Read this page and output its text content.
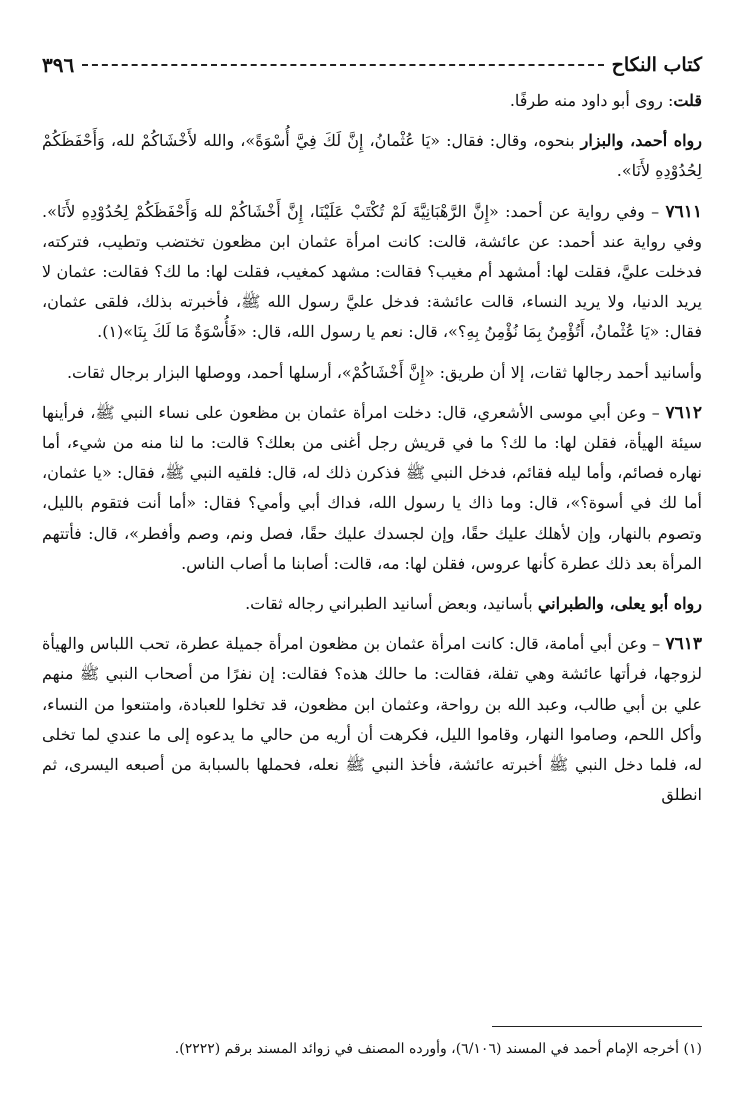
كتاب النكاح
٣٩٦

قلت: روى أبو داود منه طرفًا.

رواه أحمد، والبزار بنحوه، وقال: فقال: «يَا عُثْمانُ، إِنَّ لَكَ فِيَّ أُسْوَةً»، والله لأَخْشَاكُمْ لله، وَأَحْفَظَكُمْ لِحُدُوْدِهِ لأَنَا».

٧٦١١ – وفي رواية عن أحمد: «إِنَّ الرَّهْبَانِيَّةَ لَمْ تُكْتَبْ عَلَيْنَا، إِنَّ أَخْشَاكُمْ لله وَأَحْفَظَكُمْ لِحُدُوْدِهِ لأَنَا». وفي رواية عند أحمد: عن عائشة، قالت: كانت امرأة عثمان ابن مظعون تختضب وتطيب، فتركته، فدخلت عليَّ، فقلت لها: أمشهد أم مغيب؟ فقالت: مشهد كمغيب، فقلت لها: ما لك؟ فقالت: عثمان لا يريد الدنيا، ولا يريد النساء، قالت عائشة: فدخل عليَّ رسول الله ﷺ، فأخبرته بذلك، فلقى عثمان، فقال: «يَا عُثْمانُ، أَتُؤْمِنُ بِمَا نُؤْمِنُ بِهِ؟»، قال: نعم يا رسول الله، قال: «فَأُسْوَةٌ مَا لَكَ بِنَا»(١).

وأسانيد أحمد رجالها ثقات، إلا أن طريق: «إِنَّ أَخْشَاكُمْ»، أرسلها أحمد، ووصلها البزار برجال ثقات.

٧٦١٢ – وعن أبي موسى الأشعري، قال: دخلت امرأة عثمان بن مظعون على نساء النبي ﷺ، فرأينها سيئة الهيأة، فقلن لها: ما لك؟ ما في قريش رجل أغنى من بعلك؟ قالت: ما لنا منه من شيء، أما نهاره فصائم، وأما ليله فقائم، فدخل النبي ﷺ فذكرن ذلك له، قال: فلقيه النبي ﷺ، فقال: «يا عثمان، أما لك في أسوة؟»، قال: وما ذاك يا رسول الله، فداك أبي وأمي؟ فقال: «أما أنت فتقوم بالليل، وتصوم بالنهار، وإن لأهلك عليك حقًا، وإن لجسدك عليك حقًا، فصل ونم، وصم وأفطر»، قال: فأتتهم المرأة بعد ذلك عطرة كأنها عروس، فقلن لها: مه، قالت: أصابنا ما أصاب الناس.

رواه أبو يعلى، والطبراني بأسانيد، وبعض أسانيد الطبراني رجاله ثقات.

٧٦١٣ – وعن أبي أمامة، قال: كانت امرأة عثمان بن مظعون امرأة جميلة عطرة، تحب اللباس والهيأة لزوجها، فرأتها عائشة وهي تفلة، فقالت: ما حالك هذه؟ فقالت: إن نفرًا من أصحاب النبي ﷺ منهم علي بن أبي طالب، وعبد الله بن رواحة، وعثمان ابن مظعون، قد تخلوا للعبادة، وامتنعوا من النساء، وأكل اللحم، وصاموا النهار، وقاموا الليل، فكرهت أن أريه من حالي ما يدعوه إلى ما عندي لما تخلى له، فلما دخل النبي ﷺ أخبرته عائشة، فأخذ النبي ﷺ نعله، فحملها بالسبابة من أصبعه اليسرى، ثم انطلق

(١) أخرجه الإمام أحمد في المسند (٦/١٠٦)، وأورده المصنف في زوائد المسند برقم (٢٢٢٢).
